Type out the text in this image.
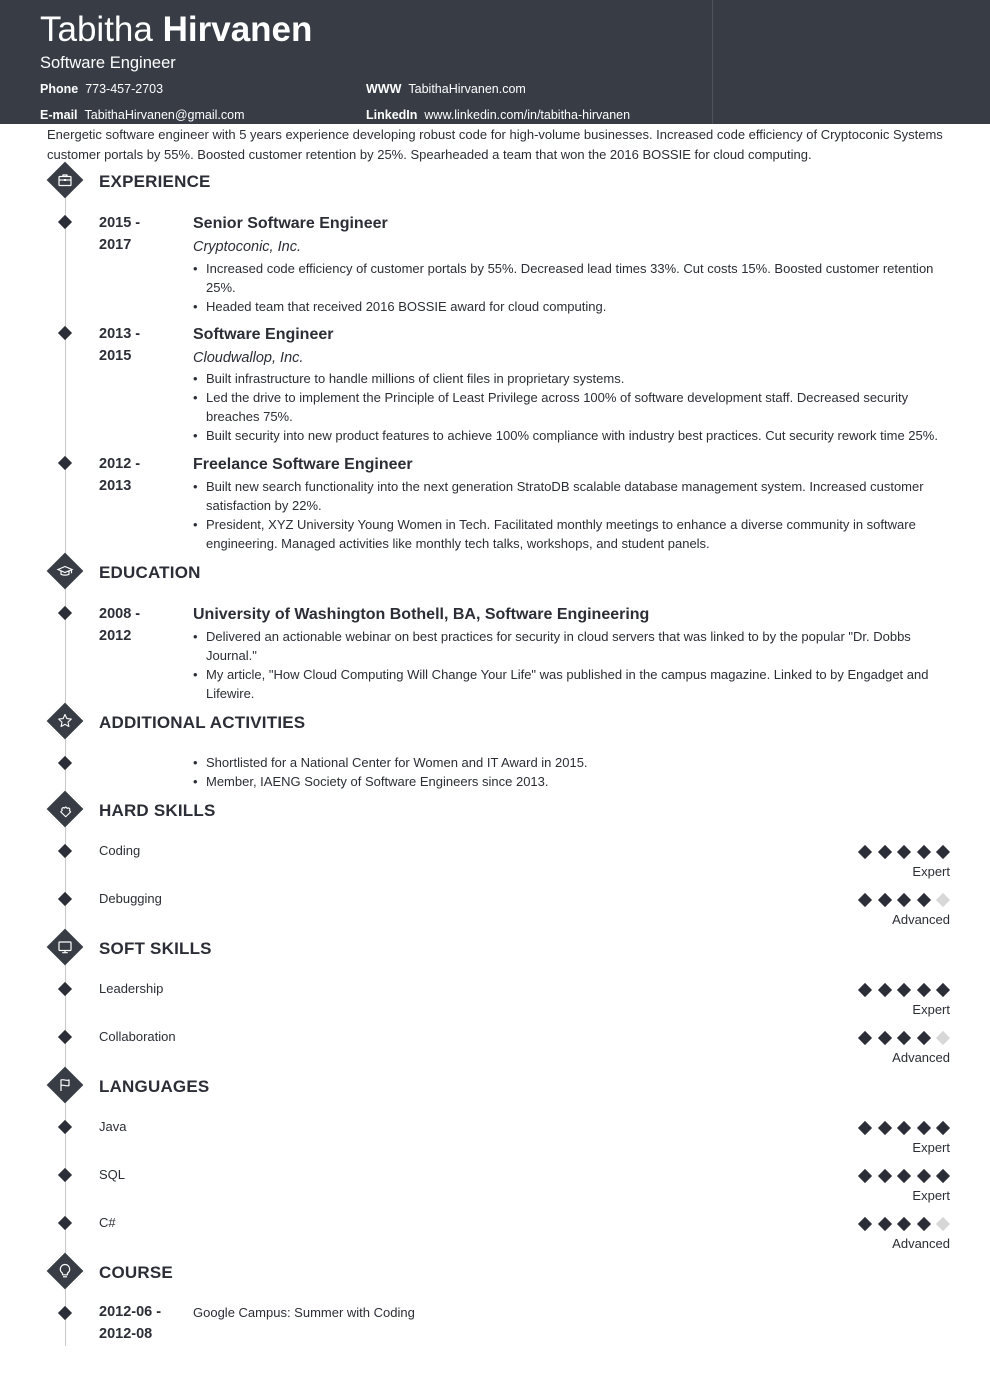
Tabitha Hirvanen
Software Engineer
Phone 773-457-2703	WWW TabithaHirvanen.com
E-mail TabithaHirvanen@gmail.com	LinkedIn www.linkedin.com/in/tabitha-hirvanen
Energetic software engineer with 5 years experience developing robust code for high-volume businesses. Increased code efficiency of Cryptoconic Systems customer portals by 55%. Boosted customer retention by 25%. Spearheaded a team that won the 2016 BOSSIE for cloud computing.
EXPERIENCE
2015 -
2017
Senior Software Engineer
Cryptoconic, Inc.
• Increased code efficiency of customer portals by 55%. Decreased lead times 33%. Cut costs 15%. Boosted customer retention 25%.
• Headed team that received 2016 BOSSIE award for cloud computing.
2013 -
2015
Software Engineer
Cloudwallop, Inc.
• Built infrastructure to handle millions of client files in proprietary systems.
• Led the drive to implement the Principle of Least Privilege across 100% of software development staff. Decreased security breaches 75%.
• Built security into new product features to achieve 100% compliance with industry best practices. Cut security rework time 25%.
2012 -
2013
Freelance Software Engineer
• Built new search functionality into the next generation StratoDB scalable database management system. Increased customer satisfaction by 22%.
• President, XYZ University Young Women in Tech. Facilitated monthly meetings to enhance a diverse community in software engineering. Managed activities like monthly tech talks, workshops, and student panels.
EDUCATION
2008 -
2012
University of Washington Bothell, BA, Software Engineering
• Delivered an actionable webinar on best practices for security in cloud servers that was linked to by the popular "Dr. Dobbs Journal."
• My article, "How Cloud Computing Will Change Your Life" was published in the campus magazine. Linked to by Engadget and Lifewire.
ADDITIONAL ACTIVITIES
• Shortlisted for a National Center for Women and IT Award in 2015.
• Member, IAENG Society of Software Engineers since 2013.
HARD SKILLS
Coding
Expert
Debugging
Advanced
SOFT SKILLS
Leadership
Expert
Collaboration
Advanced
LANGUAGES
Java
Expert
SQL
Expert
C#
Advanced
COURSE
2012-06 -
2012-08
Google Campus: Summer with Coding
